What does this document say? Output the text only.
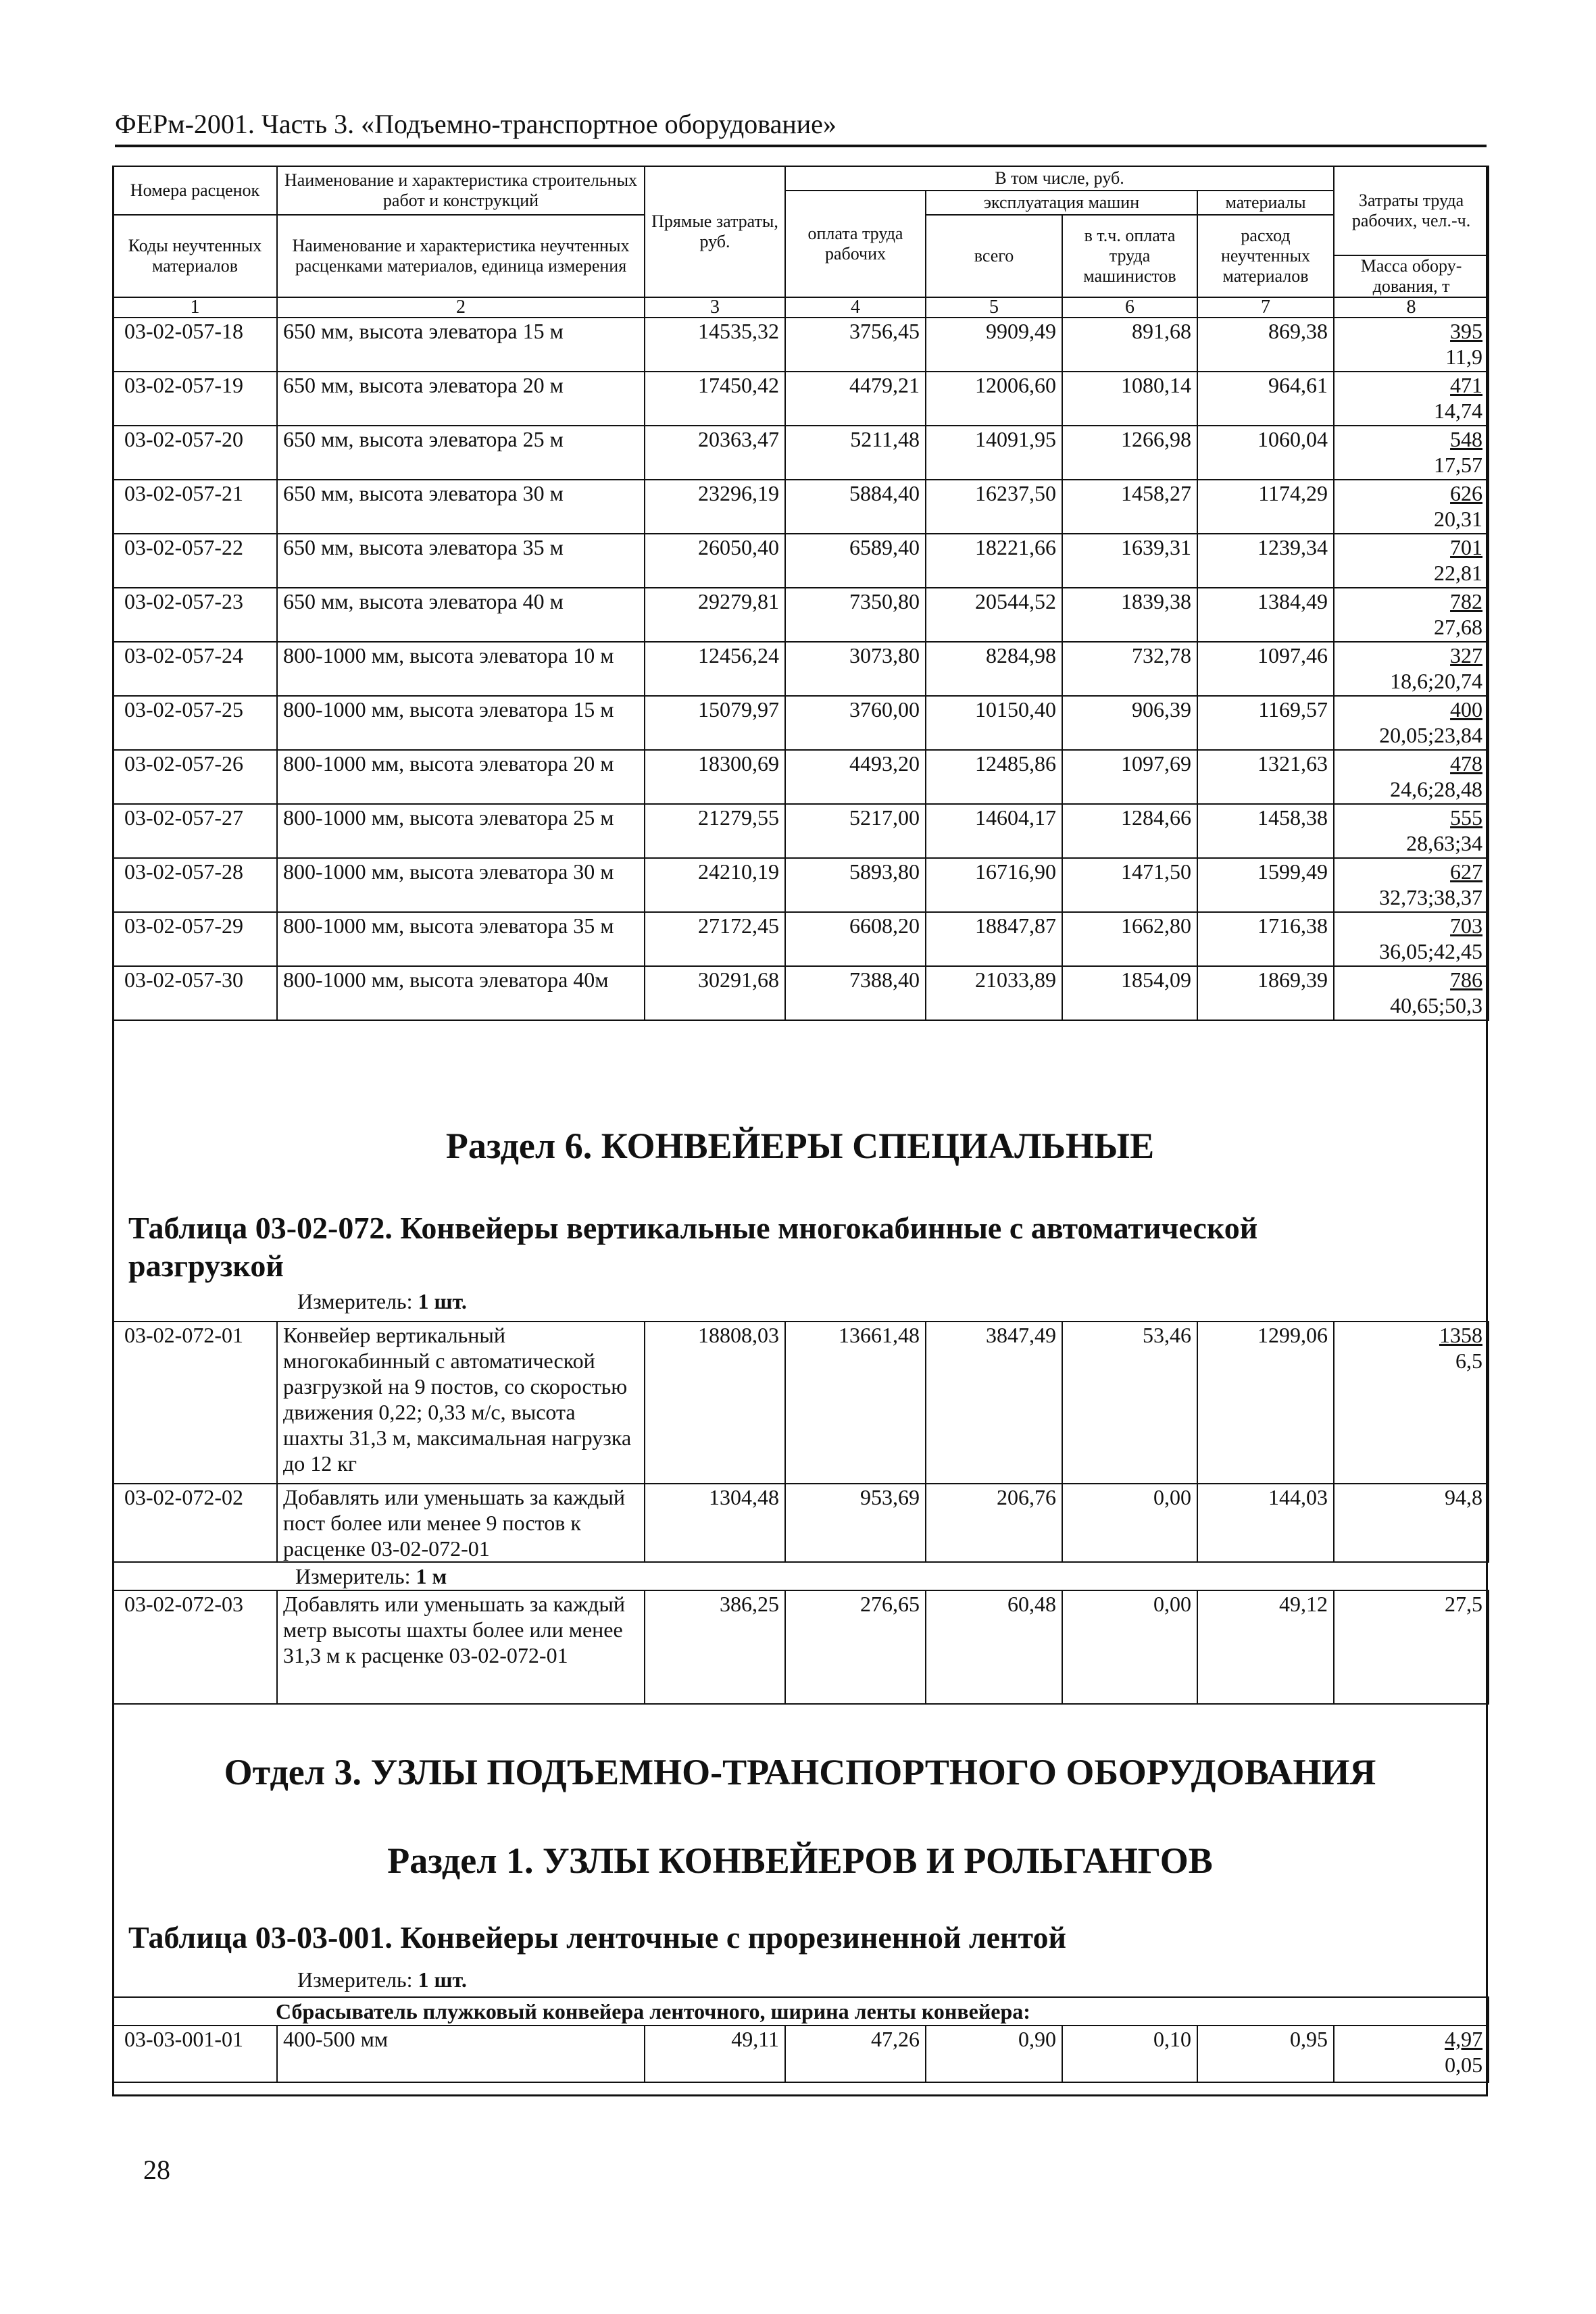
ФЕРм-2001. Часть 3. «Подъемно-транспортное оборудование»
Номера расценок	Наименование и характеристика строительных работ и конструкций	Прямые затраты, руб.	В том числе, руб.				Затраты труда рабочих, чел.-ч.
			оплата труда рабочих	эксплуатация машин		материалы	
Коды неучтенных материалов	Наименование и характеристика неучтенных расценками материалов, единица измерения			всего	в т.ч. оплата труда машинистов	расход неучтенных материалов	
							Масса обору-дования, т
1	2	3	4	5	6	7	8
03-02-057-18	650 мм, высота элеватора 15 м	14535,32	3756,45	9909,49	891,68	869,38	395
11,9

03-02-057-19	650 мм, высота элеватора 20 м	17450,42	4479,21	12006,60	1080,14	964,61	471
14,74

03-02-057-20	650 мм, высота элеватора 25 м	20363,47	5211,48	14091,95	1266,98	1060,04	548
17,57

03-02-057-21	650 мм, высота элеватора 30 м	23296,19	5884,40	16237,50	1458,27	1174,29	626
20,31

03-02-057-22	650 мм, высота элеватора 35 м	26050,40	6589,40	18221,66	1639,31	1239,34	701
22,81

03-02-057-23	650 мм, высота элеватора 40 м	29279,81	7350,80	20544,52	1839,38	1384,49	782
27,68

03-02-057-24	800-1000 мм, высота элеватора 10 м	12456,24	3073,80	8284,98	732,78	1097,46	327
18,6;20,74

03-02-057-25	800-1000 мм, высота элеватора 15 м	15079,97	3760,00	10150,40	906,39	1169,57	400
20,05;23,84

03-02-057-26	800-1000 мм, высота элеватора 20 м	18300,69	4493,20	12485,86	1097,69	1321,63	478
24,6;28,48

03-02-057-27	800-1000 мм, высота элеватора 25 м	21279,55	5217,00	14604,17	1284,66	1458,38	555
28,63;34

03-02-057-28	800-1000 мм, высота элеватора 30 м	24210,19	5893,80	16716,90	1471,50	1599,49	627
32,73;38,37

03-02-057-29	800-1000 мм, высота элеватора 35 м	27172,45	6608,20	18847,87	1662,80	1716,38	703
36,05;42,45

03-02-057-30	800-1000 мм, высота элеватора 40м	30291,68	7388,40	21033,89	1854,09	1869,39	786
40,65;50,3
Раздел 6. КОНВЕЙЕРЫ СПЕЦИАЛЬНЫЕ
Таблица 03-02-072. Конвейеры вертикальные многокабинные с автоматической разгрузкой
Измеритель: 1 шт.
03-02-072-01	Конвейер вертикальный многокабинный с автоматической разгрузкой на 9 постов, со скоростью движения 0,22; 0,33 м/с, высота шахты 31,3 м, максимальная нагрузка до 12 кг	18808,03	13661,48	3847,49	53,46	1299,06	1358
6,5

03-02-072-02	Добавлять или уменьшать за каждый пост более или менее 9 постов к расценке 03-02-072-01	1304,48	953,69	206,76	0,00	144,03	94,8

Измеритель: 1 м							
03-02-072-03	Добавлять или уменьшать за каждый метр высоты шахты более или менее 31,3 м к расценке 03-02-072-01	386,25	276,65	60,48	0,00	49,12	27,5
Отдел 3. УЗЛЫ ПОДЪЕМНО-ТРАНСПОРТНОГО ОБОРУДОВАНИЯ
Раздел 1. УЗЛЫ КОНВЕЙЕРОВ И РОЛЬГАНГОВ
Таблица 03-03-001. Конвейеры ленточные с прорезиненной лентой
Измеритель: 1 шт.
Сбрасыватель плужковый конвейера ленточного, ширина ленты конвейера:
03-03-001-01	400-500 мм	49,11	47,26	0,90	0,10	0,95	4,97
0,05
28
